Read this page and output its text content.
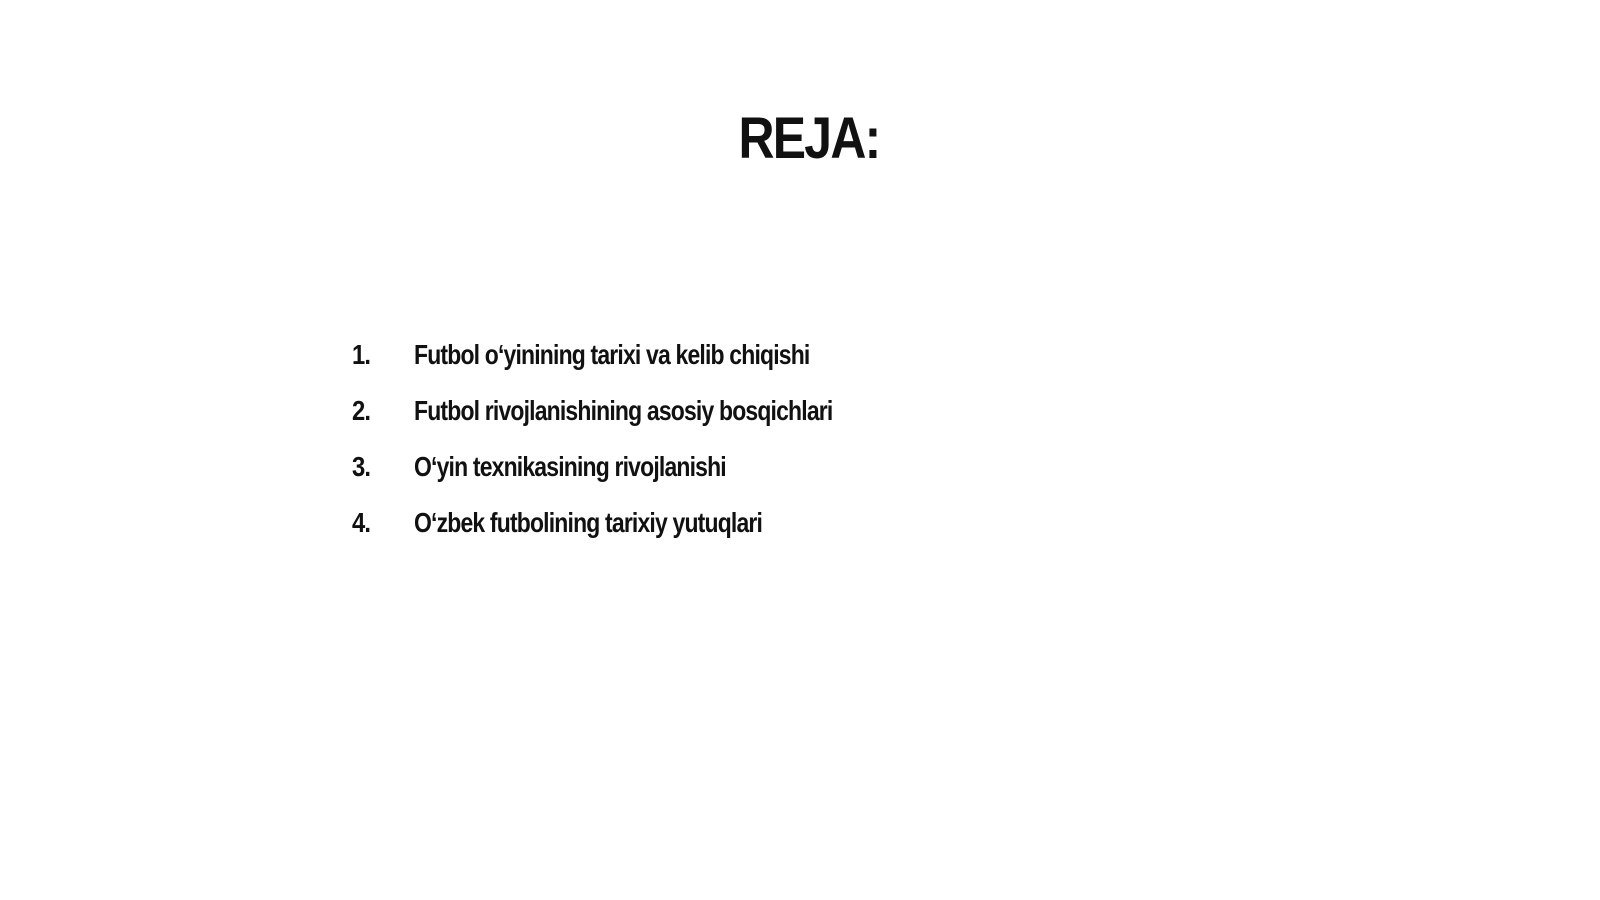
REJA:
1.	Futbol o‘yinining tarixi va kelib chiqishi
2.	Futbol rivojlanishining asosiy bosqichlari
3.	O‘yin texnikasining rivojlanishi
4.	O‘zbek futbolining tarixiy yutuqlari
